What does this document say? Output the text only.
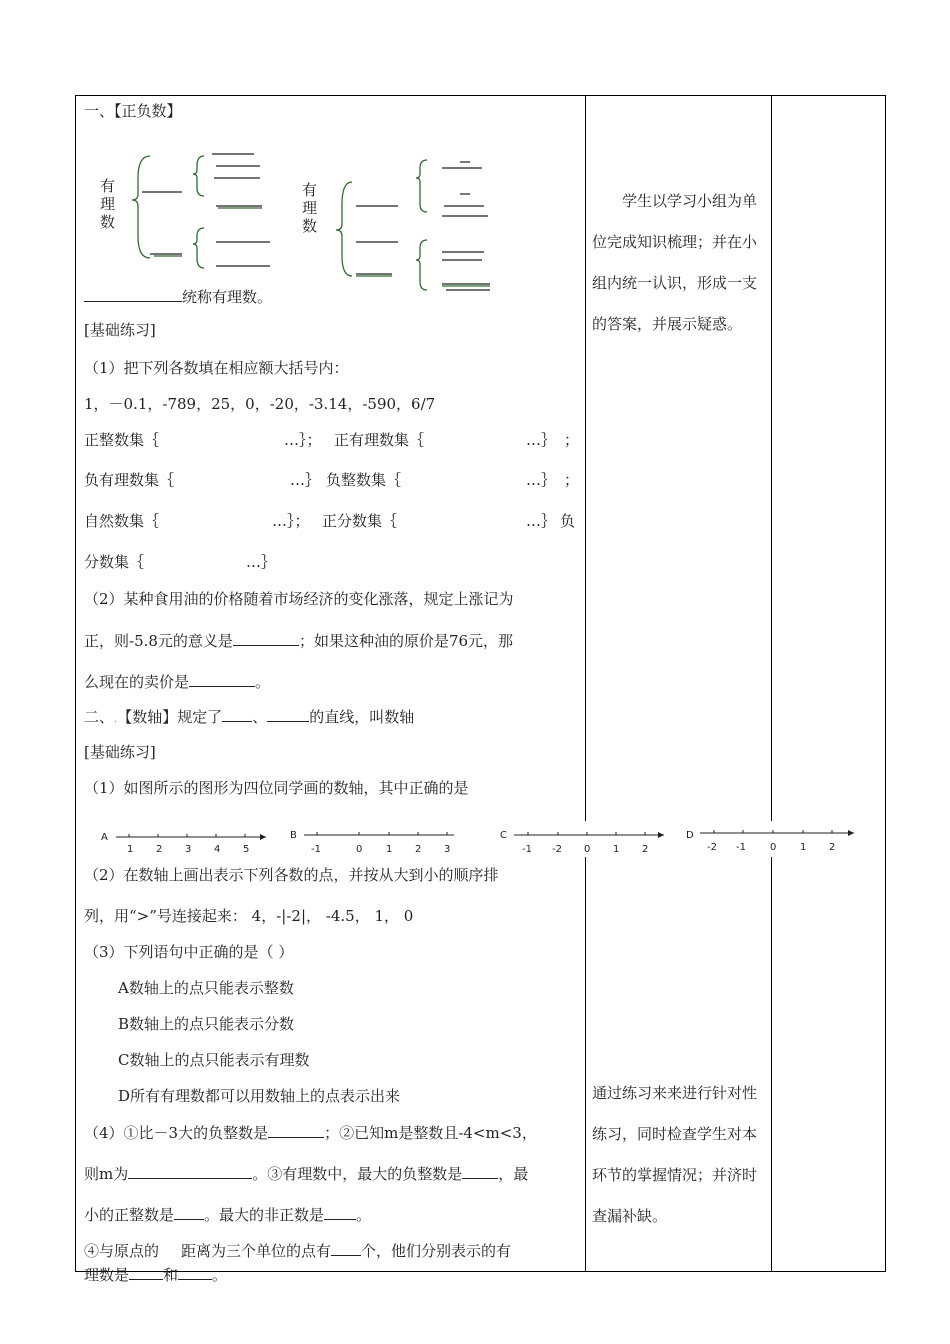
一、【正负数】
有理数
有理数
统称有理数。
[基础练习]
（1）把下列各数填在相应额大括号内：
1，－0.1，-789，25，0，-20，-3.14，-590，6/7
正整数集｛	…｝； 正有理数集｛	…｝ ；
负有理数集｛	…｝ 负整数集｛	…｝ ；
自然数集｛	…｝； 正分数集｛	…｝ 负
分数集｛	…｝
（2）某种食用油的价格随着市场经济的变化涨落，规定上涨记为
正，则-5.8元的意义是	；如果这种油的原价是76元，那
么现在的卖价是	。
二、.【数轴】规定了 、	的直线，叫数轴
[基础练习]
（1）如图所示的图形为四位同学画的数轴，其中正确的是
A
1 2 3 4 5
B
-1	0 1 2 3
C
-1 -2 0 1 2
D
-2 -1 0 1 2
（2）在数轴上画出表示下列各数的点，并按从大到小的顺序排
列，用“>”号连接起来： 4，-|-2|， -4.5， 1， 0
（3）下列语句中正确的是（ ）
A数轴上的点只能表示整数
B数轴上的点只能表示分数
C数轴上的点只能表示有理数
D所有有理数都可以用数轴上的点表示出来
（4）①比－3大的负整数是	；②已知m是整数且-4<m<3，
则m为	。③有理数中，最大的负整数是 ，最
小的正整数是 。最大的非正数是 。
④与原点的 距离为三个单位的点有 个，他们分别表示的有
理数是 和 。
学生以学习小组为单位完成知识梳理；并在小组内统一认识，形成一支的答案，并展示疑惑。
通过练习来来进行针对性练习，同时检查学生对本环节的掌握情况；并济时查漏补缺。
